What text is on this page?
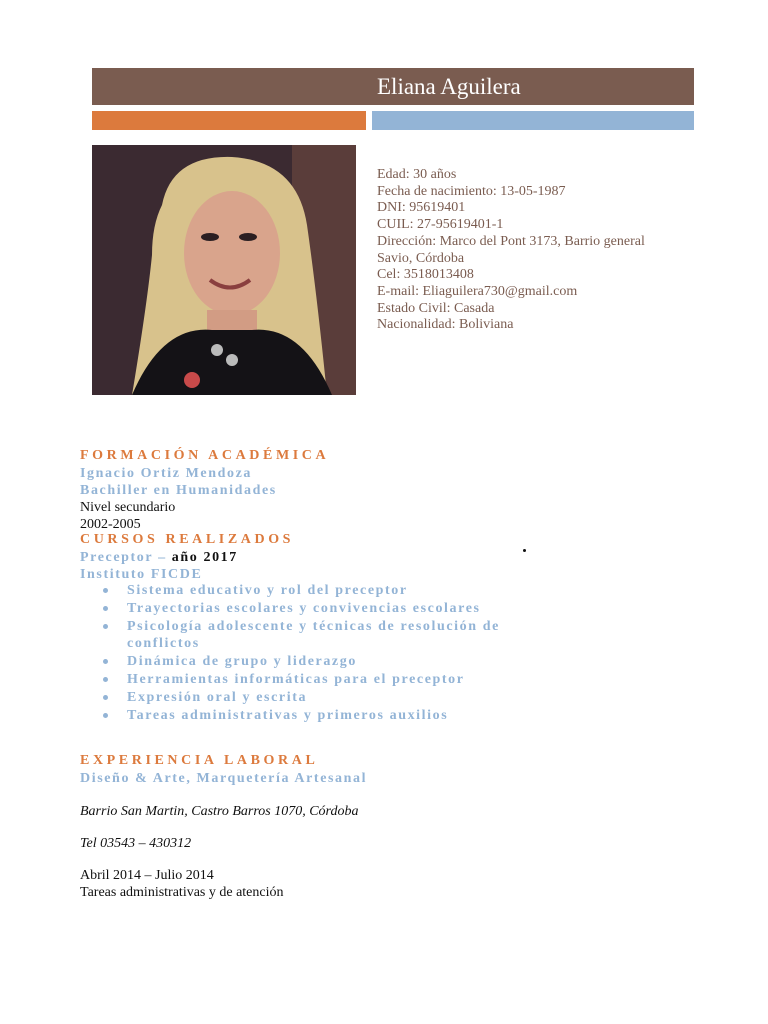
Eliana Aguilera
Edad: 30 años
Fecha de nacimiento: 13-05-1987
DNI: 95619401
CUIL: 27-95619401-1
Dirección: Marco del Pont 3173, Barrio general
Savio, Córdoba
Cel: 3518013408
E-mail: Eliaguilera730@gmail.com
Estado Civil: Casada
Nacionalidad: Boliviana
FORMACIÓN ACADÉMICA
Ignacio Ortiz Mendoza
Bachiller en Humanidades
Nivel secundario
2002-2005
CURSOS REALIZADOS
Preceptor – año 2017
Instituto FICDE
Sistema educativo y rol del preceptor
Trayectorias escolares y convivencias escolares
Psicología adolescente y técnicas de resolución de conflictos
Dinámica de grupo y liderazgo
Herramientas informáticas para el preceptor
Expresión oral y escrita
Tareas administrativas y primeros auxilios
EXPERIENCIA LABORAL
Diseño & Arte, Marquetería Artesanal
Barrio San Martin, Castro Barros 1070, Córdoba
Tel 03543 – 430312
Abril 2014 – Julio 2014
Tareas administrativas y de atención
